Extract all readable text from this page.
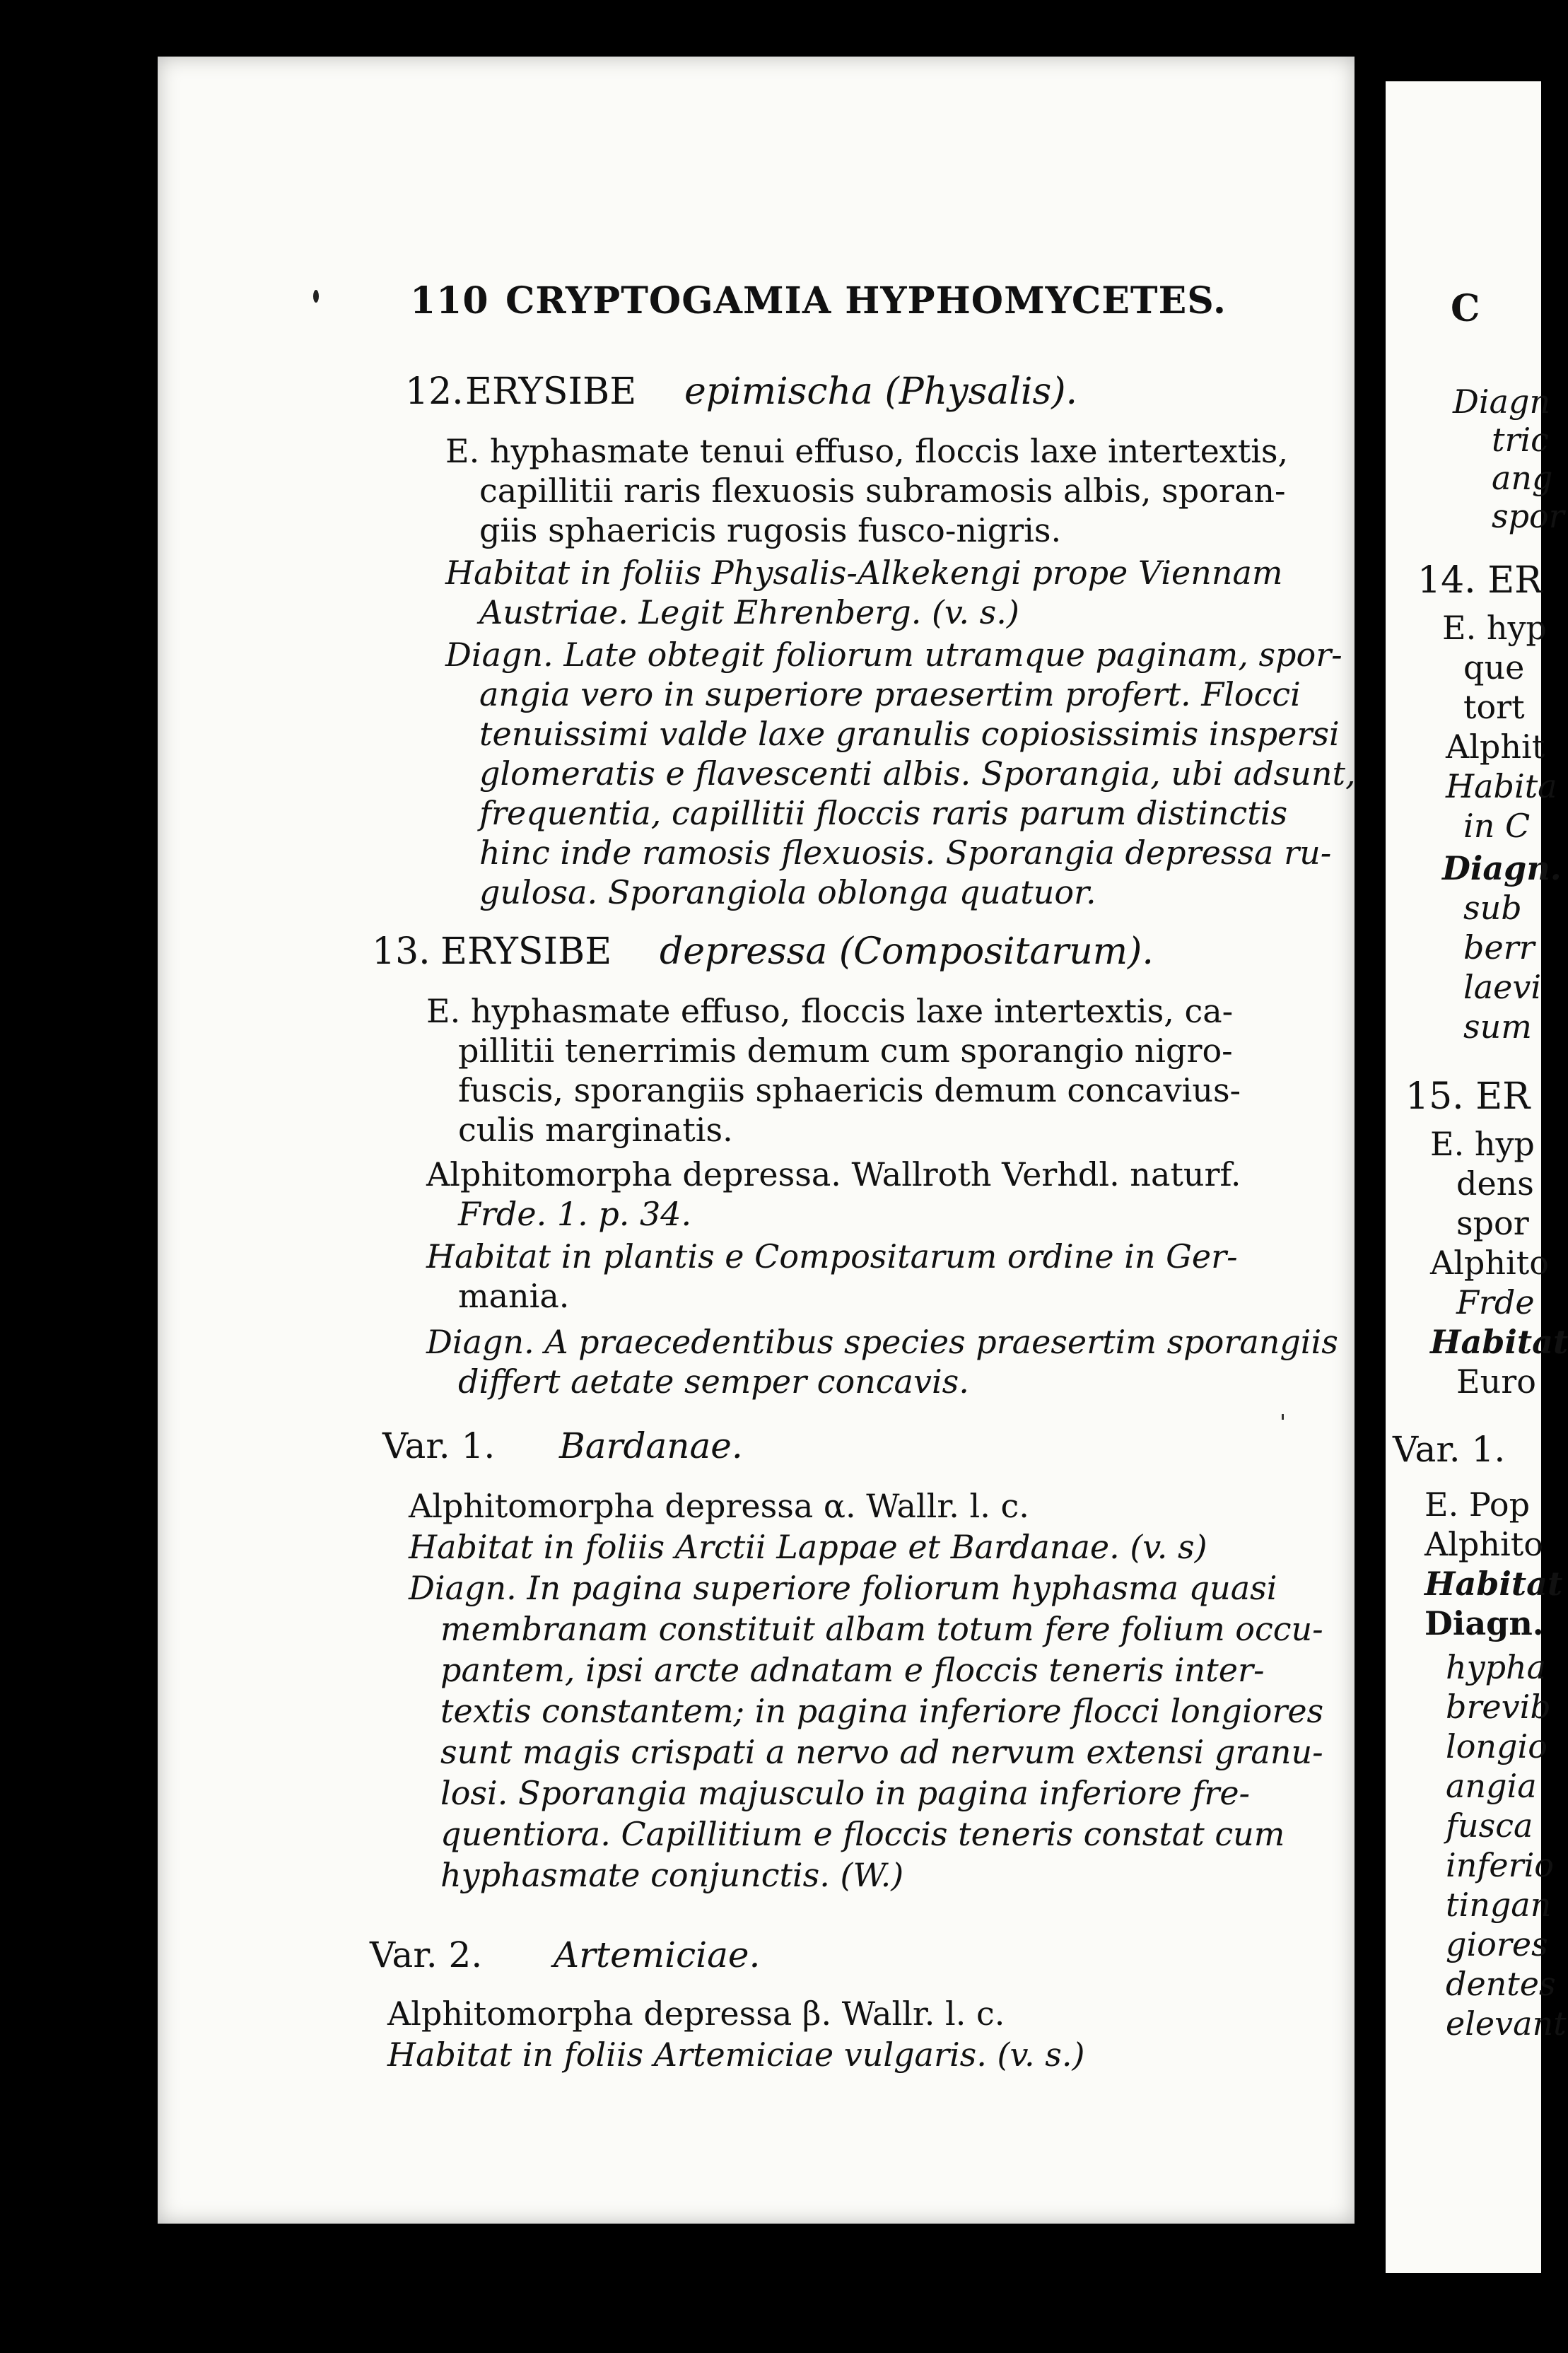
C
Diagn
tric
ang
spor
14. ER
E. hyp
que
tort
Alphit
Habita
in C
Diagn.
sub
berr
laevi
sum
15. ER
E. hyp
dens
spor
Alphito
Frde
Habitat
Euro
Var. 1.
E. Pop
Alphito
Habitat
Diagn.
hypha
brevib
longio
angia
fusca
inferio
tingan
giores
dentes
elevant
110 CRYPTOGAMIA HYPHOMYCETES.
12. ERYSIBE epimischa (Physalis).
E. hyphasmate tenui effuso, floccis laxe intertextis,
capillitii raris flexuosis subramosis albis, sporan-
giis sphaericis rugosis fusco-nigris.
Habitat in foliis Physalis-Alkekengi prope Viennam
Austriae. Legit Ehrenberg. (v. s.)
Diagn. Late obtegit foliorum utramque paginam, spor-
angia vero in superiore praesertim profert. Flocci
tenuissimi valde laxe granulis copiosissimis inspersi
glomeratis e flavescenti albis. Sporangia, ubi adsunt,
frequentia, capillitii floccis raris parum distinctis
hinc inde ramosis flexuosis. Sporangia depressa ru-
gulosa. Sporangiola oblonga quatuor.
13. ERYSIBE depressa (Compositarum).
E. hyphasmate effuso, floccis laxe intertextis, ca-
pillitii tenerrimis demum cum sporangio nigro-
fuscis, sporangiis sphaericis demum concavius-
culis marginatis.
Alphitomorpha depressa. Wallroth Verhdl. naturf.
Frde. 1. p. 34.
Habitat in plantis e Compositarum ordine in Ger-
mania.
Diagn. A praecedentibus species praesertim sporangiis
differt aetate semper concavis.
Var. 1. Bardanae.
Alphitomorpha depressa α. Wallr. l. c.
Habitat in foliis Arctii Lappae et Bardanae. (v. s)
Diagn. In pagina superiore foliorum hyphasma quasi
membranam constituit albam totum fere folium occu-
pantem, ipsi arcte adnatam e floccis teneris inter-
textis constantem; in pagina inferiore flocci longiores
sunt magis crispati a nervo ad nervum extensi granu-
losi. Sporangia majusculo in pagina inferiore fre-
quentiora. Capillitium e floccis teneris constat cum
hyphasmate conjunctis. (W.)
Var. 2. Artemiciae.
Alphitomorpha depressa β. Wallr. l. c.
Habitat in foliis Artemiciae vulgaris. (v. s.)
